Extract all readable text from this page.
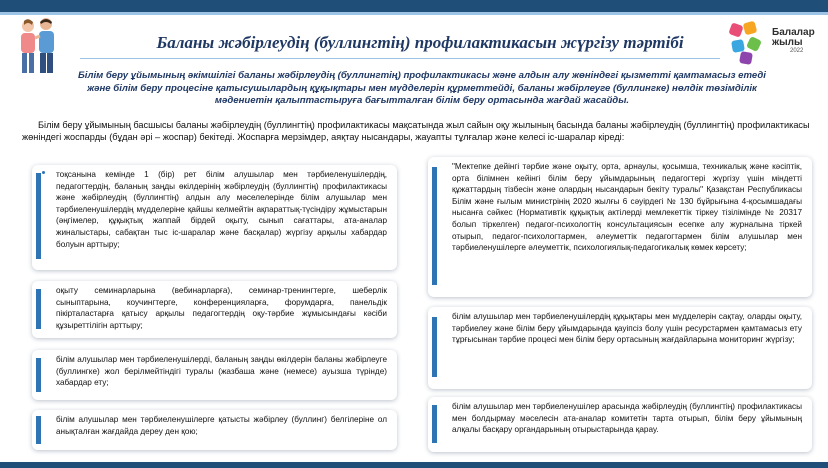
Баланы жәбірлеудің (буллингтің) профилактикасын жүргізу тәртібі
Балалар
жылы
2022
Білім беру ұйымының әкімшілігі баланы жәбірлеудің (буллингтің) профилактикасы және алдын алу жөніндегі қызметті қамтамасыз етеді және білім беру процесіне қатысушылардың құқықтары мен мүдделерін құрметтейді, баланы жәбірлеуге (буллингке) нөлдік төзімділік мәдениетін қалыптастыруға бағытталған білім беру ортасында жағдай жасайды.
Білім беру ұйымының басшысы баланы жәбірлеудің (буллингтің) профилактикасы мақсатында жыл сайын оқу жылының басында баланы жәбірлеудің (буллингтің) профилактикасы жөніндегі жоспарды (бұдан әрі – жоспар) бекітеді. Жоспарға мерзімдер, аяқтау нысандары, жауапты тұлғалар және келесі іс-шаралар кіреді:
тоқсанына кемінде 1 (бір) рет білім алушылар мен тәрбиеленушілердің, педагогтердің, баланың заңды өкілдерінің жәбірлеудің (буллингтің) профилактикасы және жәбірлеудің (буллингтің) алдын алу мәселелерінде білім алушылар мен тәрбиеленушілердің мүдделеріне қайшы келмейтін ақпараттық-түсіндіру жұмыстарын (әңгімелер, құқықтық жаппай бірдей оқыту, сынып сағаттары, ата-аналар жиналыстары, сабақтан тыс іс-шаралар және басқалар) жүргізу арқылы хабардар болуын арттыру;
оқыту семинарларына (вебинарларға), семинар-тренингтерге, шеберлік сыныптарына, коучингтерге, конференцияларға, форумдарға, панельдік пікірталастарға қатысу арқылы педагогтердің оқу-тәрбие жұмысындағы кәсіби құзыреттілігін арттыру;
білім алушылар мен тәрбиеленушілерді, баланың заңды өкілдерін баланы жәбірлеуге (буллингке) жол берілмейтіндігі туралы (жазбаша және (немесе) ауызша түрінде) хабардар ету;
білім алушылар мен тәрбиеленушілерге қатысты жәбірлеу (буллинг) белгілеріне ол анықталған жағдайда дереу ден қою;
"Мектепке дейінгі тәрбие және оқыту, орта, арнаулы, қосымша, техникалық және кәсіптік, орта білімнен кейінгі білім беру ұйымдарының педагогтері жүргізу үшін міндетті құжаттардың тізбесін және олардың нысандарын бекіту туралы" Қазақстан Республикасы Білім және ғылым министрінің 2020 жылғы 6 сәуірдегі № 130 бұйрығына 4-қосымшадағы нысанға сәйкес (Нормативтік құқықтық актілерді мемлекеттік тіркеу тізілімінде № 20317 болып тіркелген) педагог-психологтің консультациясын есепке алу журналына тіркей отырып, педагог-психологтармен, әлеуметтік педагогтармен білім алушылар мен тәрбиеленушілерге әлеуметтік, психологиялық-педагогикалық көмек көрсету;
білім алушылар мен тәрбиеленушілердің құқықтары мен мүдделерін сақтау, оларды оқыту, тәрбиелеу және білім беру ұйымдарында қауіпсіз болу үшін ресурстармен қамтамасыз ету тұрғысынан тәрбие процесі мен білім беру ортасының жағдайларына мониторинг жүргізу;
білім алушылар мен тәрбиеленушілер арасында жәбірлеудің (буллингтің) профилактикасы мен болдырмау мәселесін ата-аналар комитетін тарта отырып, білім беру ұйымының алқалы басқару органдарының отырыстарында қарау.
